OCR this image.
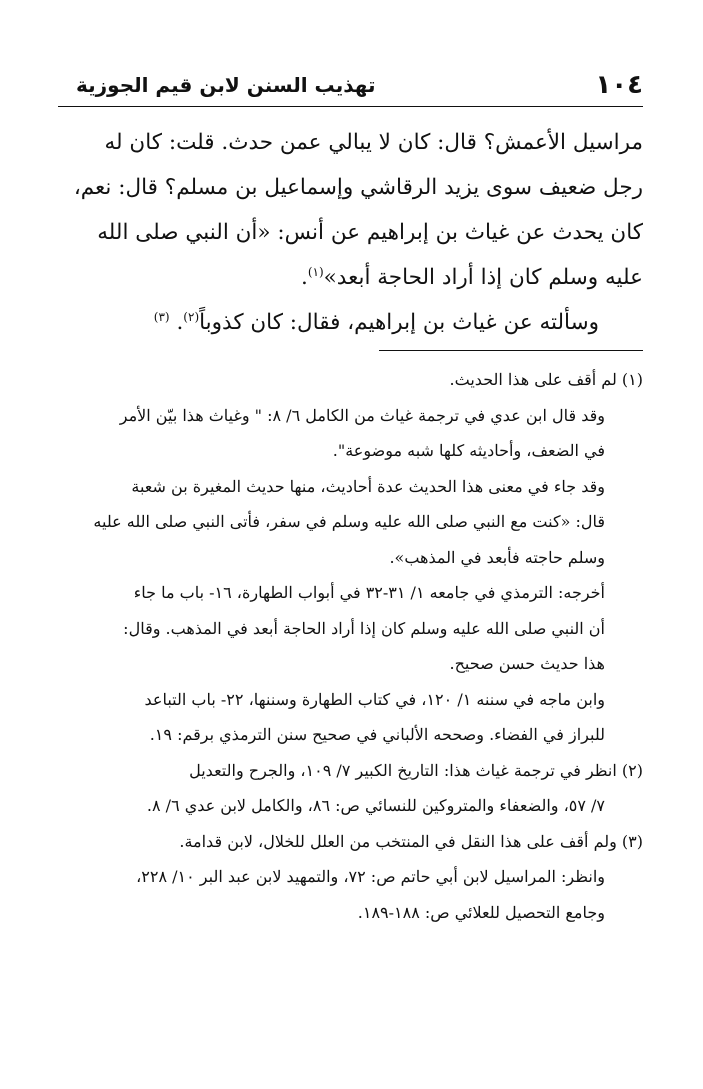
١٠٤
تهذيب السنن لابن قيم الجوزية

مراسيل الأعمش؟ قال: كان لا يبالي عمن حدث. قلت: كان له

رجل ضعيف سوى يزيد الرقاشي وإسماعيل بن مسلم؟ قال: نعم،

كان يحدث عن غياث بن إبراهيم عن أنس: «أن النبي صلى الله

عليه وسلم كان إذا أراد الحاجة أبعد»$^{(١)}$.

وسألته عن غياث بن إبراهيم، فقال: كان كذوباً$^{(٢)}$. $^{(٣)}$

(١) لم أقف على هذا الحديث.

وقد قال ابن عدي في ترجمة غياث من الكامل ٦/ ٨: " وغياث هذا بيّن الأمر

في الضعف، وأحاديثه كلها شبه موضوعة".

وقد جاء في معنى هذا الحديث عدة أحاديث، منها حديث المغيرة بن شعبة

قال: «كنت مع النبي صلى الله عليه وسلم في سفر، فأتى النبي صلى الله عليه

وسلم حاجته فأبعد في المذهب».

أخرجه: الترمذي في جامعه ١/ ٣١-٣٢ في أبواب الطهارة، ١٦- باب ما جاء

أن النبي صلى الله عليه وسلم كان إذا أراد الحاجة أبعد في المذهب. وقال:

هذا حديث حسن صحيح.

وابن ماجه في سننه ١/ ١٢٠، في كتاب الطهارة وسننها، ٢٢- باب التباعد

للبراز في الفضاء. وصححه الألباني في صحيح سنن الترمذي برقم: ١٩.

(٢) انظر في ترجمة غياث هذا: التاريخ الكبير ٧/ ١٠٩، والجرح والتعديل

٧/ ٥٧، والضعفاء والمتروكين للنسائي ص: ٨٦، والكامل لابن عدي ٦/ ٨.

(٣) ولم أقف على هذا النقل في المنتخب من العلل للخلال، لابن قدامة.

وانظر: المراسيل لابن أبي حاتم ص: ٧٢، والتمهيد لابن عبد البر ١٠/ ٢٢٨،

وجامع التحصيل للعلائي ص: ١٨٨-١٨٩.
